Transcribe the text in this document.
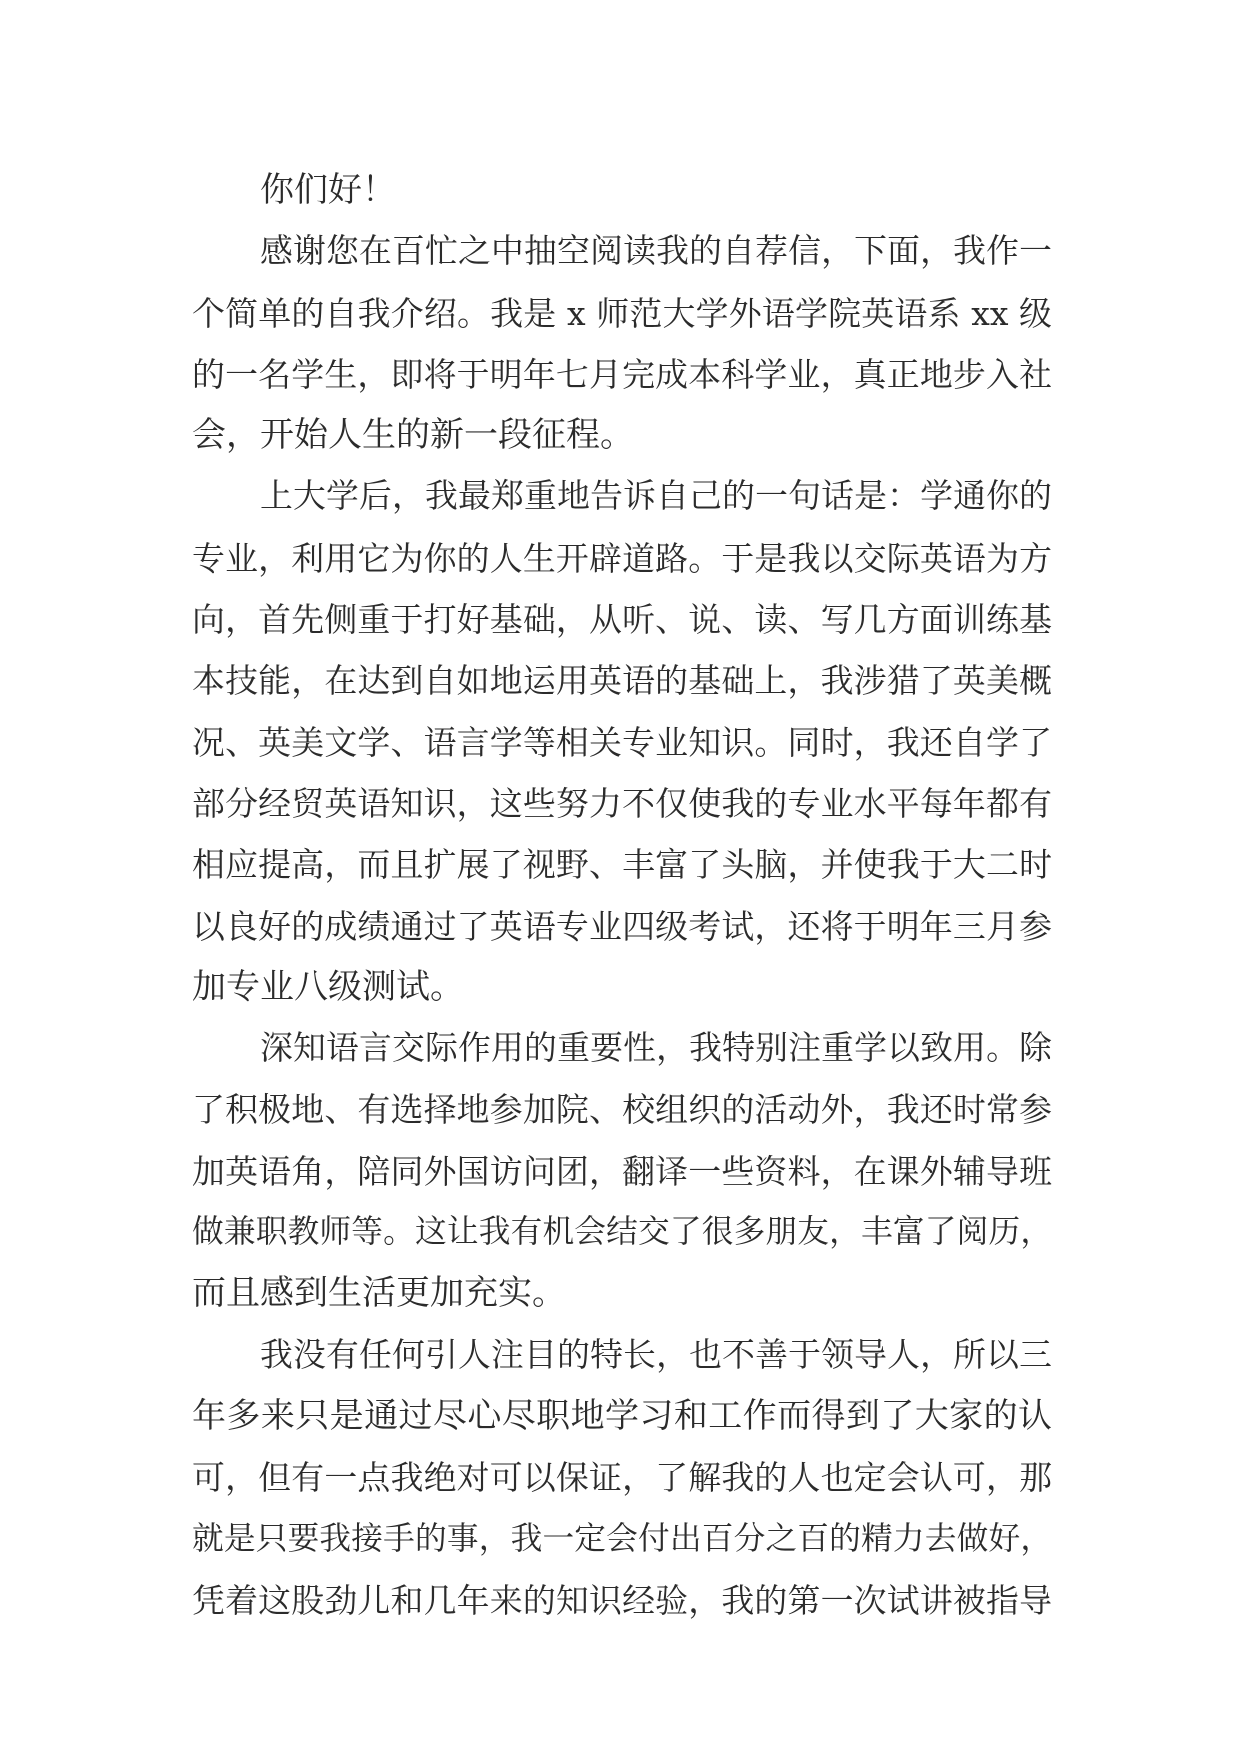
你们好！
感谢您在百忙之中抽空阅读我的自荐信，下面，我作一
个简单的自我介绍。我是 x 师范大学外语学院英语系 xx 级
的一名学生，即将于明年七月完成本科学业，真正地步入社
会，开始人生的新一段征程。
上大学后，我最郑重地告诉自己的一句话是：学通你的
专业，利用它为你的人生开辟道路。于是我以交际英语为方
向，首先侧重于打好基础，从听、说、读、写几方面训练基
本技能，在达到自如地运用英语的基础上，我涉猎了英美概
况、英美文学、语言学等相关专业知识。同时，我还自学了
部分经贸英语知识，这些努力不仅使我的专业水平每年都有
相应提高，而且扩展了视野、丰富了头脑，并使我于大二时
以良好的成绩通过了英语专业四级考试，还将于明年三月参
加专业八级测试。
深知语言交际作用的重要性，我特别注重学以致用。除
了积极地、有选择地参加院、校组织的活动外，我还时常参
加英语角，陪同外国访问团，翻译一些资料，在课外辅导班
做兼职教师等。这让我有机会结交了很多朋友，丰富了阅历，
而且感到生活更加充实。
我没有任何引人注目的特长，也不善于领导人，所以三
年多来只是通过尽心尽职地学习和工作而得到了大家的认
可，但有一点我绝对可以保证，了解我的人也定会认可，那
就是只要我接手的事，我一定会付出百分之百的精力去做好，
凭着这股劲儿和几年来的知识经验，我的第一次试讲被指导
